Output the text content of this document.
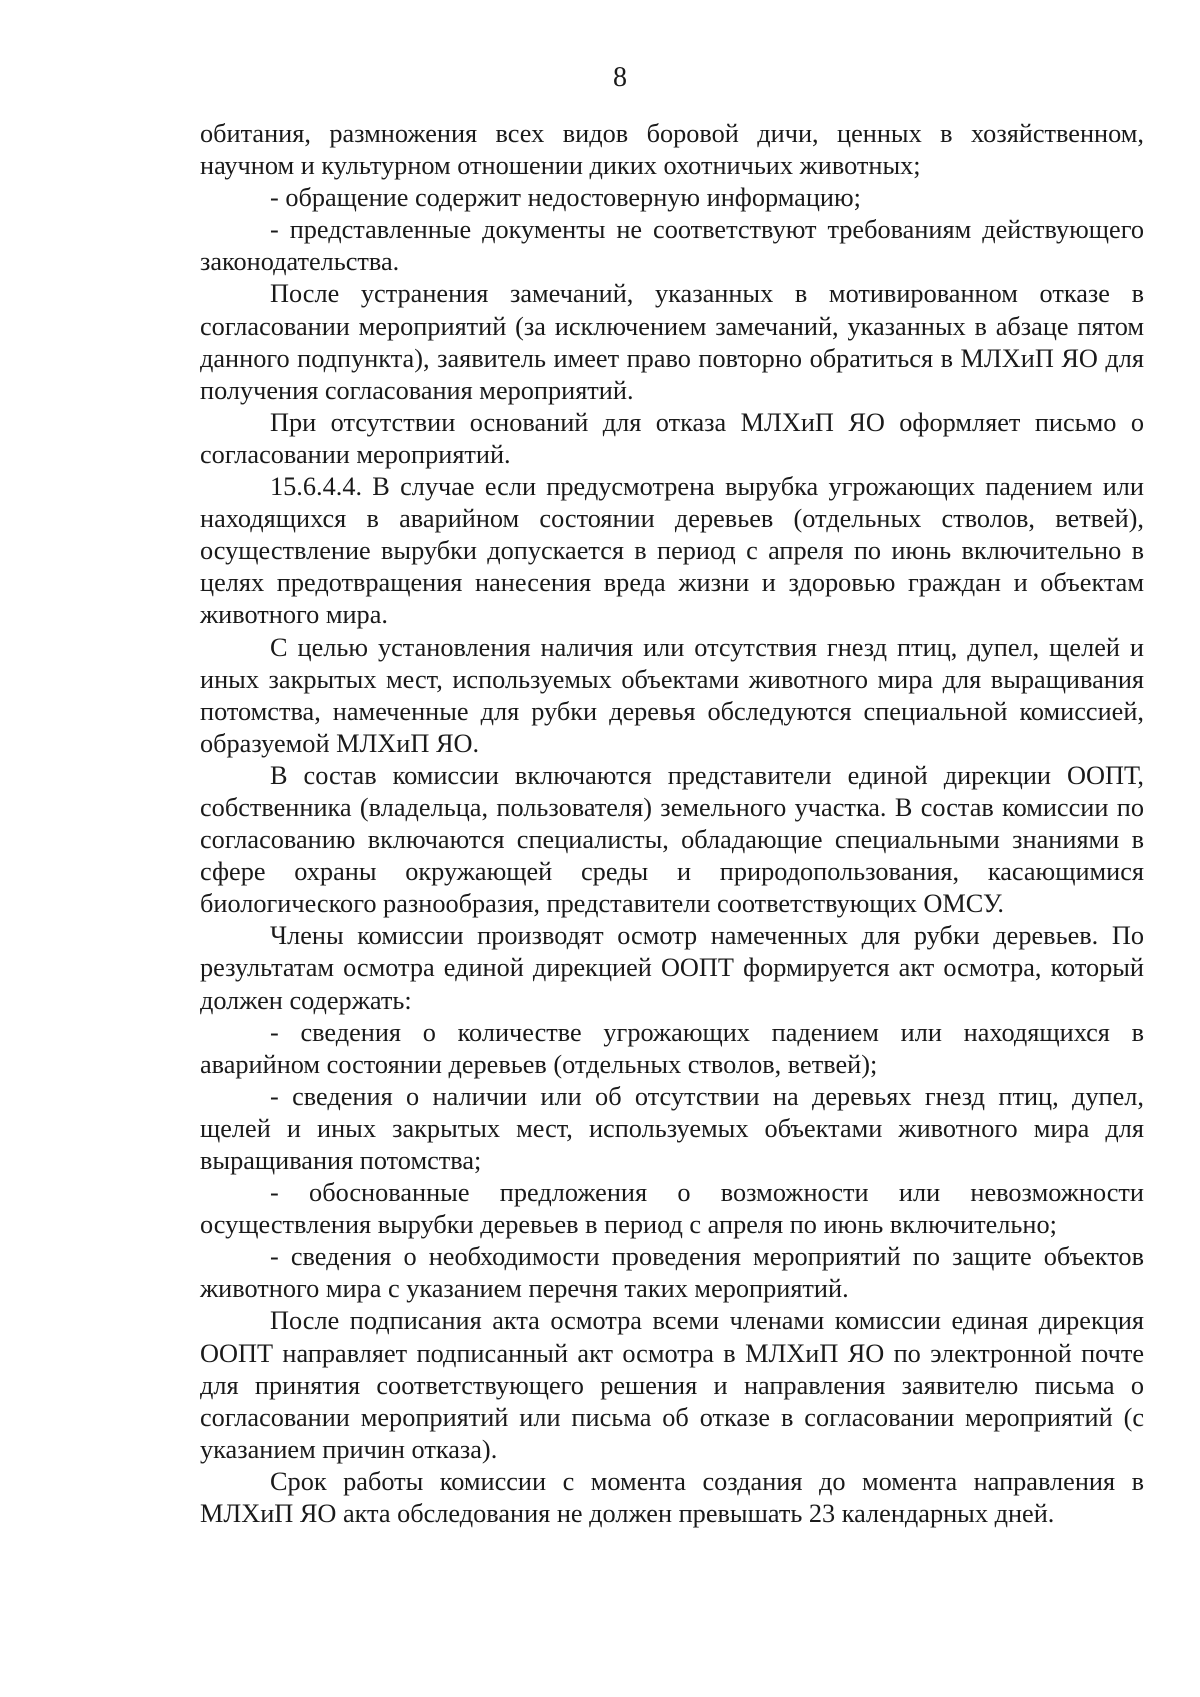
8

обитания, размножения всех видов боровой дичи, ценных в хозяйственном, научном и культурном отношении диких охотничьих животных;

- обращение содержит недостоверную информацию;

- представленные документы не соответствуют требованиям действующего законодательства.

После устранения замечаний, указанных в мотивированном отказе в согласовании мероприятий (за исключением замечаний, указанных в абзаце пятом данного подпункта), заявитель имеет право повторно обратиться в МЛХиП ЯО для получения согласования мероприятий.

При отсутствии оснований для отказа МЛХиП ЯО оформляет письмо о согласовании мероприятий.

15.6.4.4. В случае если предусмотрена вырубка угрожающих падением или находящихся в аварийном состоянии деревьев (отдельных стволов, ветвей), осуществление вырубки допускается в период с апреля по июнь включительно в целях предотвращения нанесения вреда жизни и здоровью граждан и объектам животного мира.

С целью установления наличия или отсутствия гнезд птиц, дупел, щелей и иных закрытых мест, используемых объектами животного мира для выращивания потомства, намеченные для рубки деревья обследуются специальной комиссией, образуемой МЛХиП ЯО.

В состав комиссии включаются представители единой дирекции ООПТ, собственника (владельца, пользователя) земельного участка. В состав комиссии по согласованию включаются специалисты, обладающие специальными знаниями в сфере охраны окружающей среды и природопользования, касающимися биологического разнообразия, представители соответствующих ОМСУ.

Члены комиссии производят осмотр намеченных для рубки деревьев. По результатам осмотра единой дирекцией ООПТ формируется акт осмотра, который должен содержать:

- сведения о количестве угрожающих падением или находящихся в аварийном состоянии деревьев (отдельных стволов, ветвей);

- сведения о наличии или об отсутствии на деревьях гнезд птиц, дупел, щелей и иных закрытых мест, используемых объектами животного мира для выращивания потомства;

- обоснованные предложения о возможности или невозможности осуществления вырубки деревьев в период с апреля по июнь включительно;

- сведения о необходимости проведения мероприятий по защите объектов животного мира с указанием перечня таких мероприятий.

После подписания акта осмотра всеми членами комиссии единая дирекция ООПТ направляет подписанный акт осмотра в МЛХиП ЯО по электронной почте для принятия соответствующего решения и направления заявителю письма о согласовании мероприятий или письма об отказе в согласовании мероприятий (с указанием причин отказа).

Срок работы комиссии с момента создания до момента направления в МЛХиП ЯО акта обследования не должен превышать 23 календарных дней.
